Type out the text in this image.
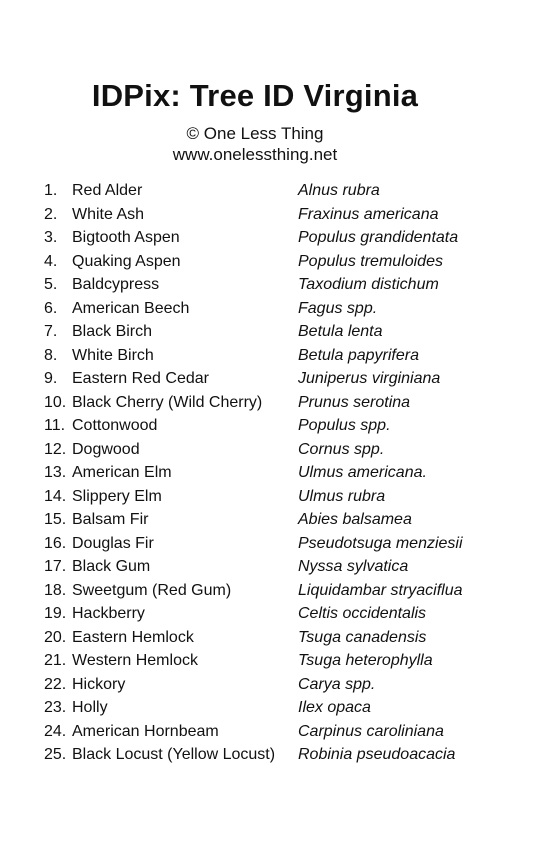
IDPix: Tree ID Virginia
© One Less Thing
www.onelessthing.net
1. Red Alder	Alnus rubra
2. White Ash	Fraxinus americana
3. Bigtooth Aspen	Populus grandidentata
4. Quaking Aspen	Populus tremuloides
5. Baldcypress	Taxodium distichum
6. American Beech	Fagus spp.
7. Black Birch	Betula lenta
8. White Birch	Betula papyrifera
9. Eastern Red Cedar	Juniperus virginiana
10. Black Cherry (Wild Cherry) Prunus serotina
11. Cottonwood	Populus spp.
12. Dogwood	Cornus spp.
13. American Elm	Ulmus americana.
14. Slippery Elm	Ulmus rubra
15. Balsam Fir	Abies balsamea
16. Douglas Fir	Pseudotsuga menziesii
17. Black Gum	Nyssa sylvatica
18. Sweetgum (Red Gum)	Liquidambar stryaciflua
19. Hackberry	Celtis occidentalis
20. Eastern Hemlock	Tsuga canadensis
21. Western Hemlock	Tsuga heterophylla
22. Hickory	Carya spp.
23. Holly	Ilex opaca
24. American Hornbeam	Carpinus caroliniana
25. Black Locust (Yellow Locust) Robinia pseudoacacia
